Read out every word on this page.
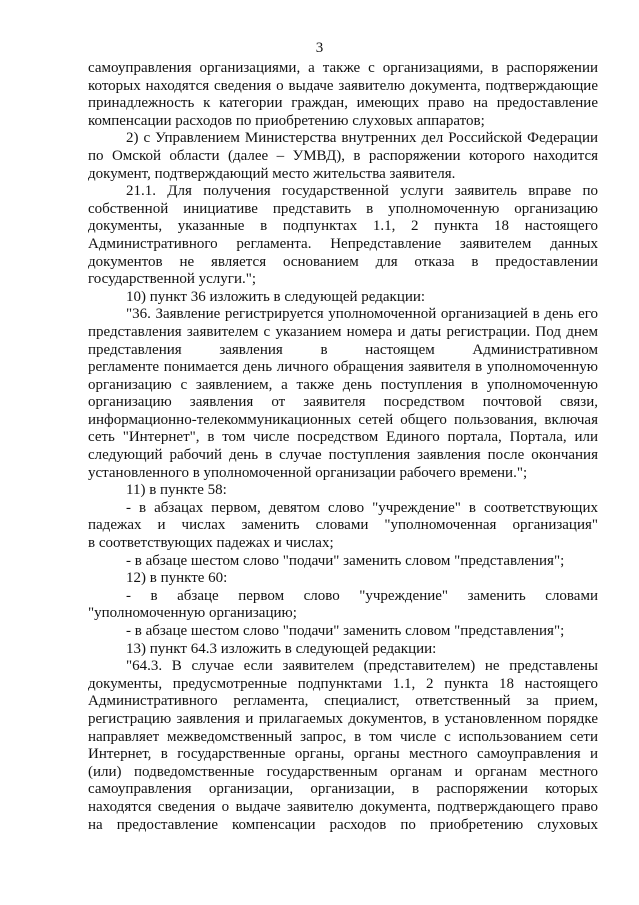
3
самоуправления организациями, а также с организациями, в распоряжении
которых находятся сведения о выдаче заявителю документа, подтверждающие
принадлежность к категории граждан, имеющих право на предоставление
компенсации расходов по приобретению слуховых аппаратов;
2) с Управлением Министерства внутренних дел Российской Федерации
по Омской области (далее – УМВД), в распоряжении которого находится
документ, подтверждающий место жительства заявителя.
21.1. Для получения государственной услуги заявитель вправе по
собственной инициативе представить в уполномоченную организацию
документы, указанные в подпунктах 1.1, 2 пункта 18 настоящего
Административного регламента. Непредставление заявителем данных
документов не является основанием для отказа в предоставлении
государственной услуги.";
10) пункт 36 изложить в следующей редакции:
"36. Заявление регистрируется уполномоченной организацией в день его
представления заявителем с указанием номера и даты регистрации. Под днем
представления заявления в настоящем Административном
регламенте понимается день личного обращения заявителя в уполномоченную
организацию с заявлением, а также день поступления в уполномоченную
организацию заявления от заявителя посредством почтовой связи,
информационно-телекоммуникационных сетей общего пользования, включая
сеть "Интернет", в том числе посредством Единого портала, Портала, или
следующий рабочий день в случае поступления заявления после окончания
установленного в уполномоченной организации рабочего времени.";
11) в пункте 58:
- в абзацах первом, девятом слово "учреждение" в соответствующих
падежах и числах заменить словами "уполномоченная организация"
в соответствующих падежах и числах;
- в абзаце шестом слово "подачи" заменить словом "представления";
12) в пункте 60:
- в абзаце первом слово "учреждение" заменить словами
"уполномоченную организацию;
- в абзаце шестом слово "подачи" заменить словом "представления";
13) пункт 64.3 изложить в следующей редакции:
"64.3. В случае если заявителем (представителем) не представлены
документы, предусмотренные подпунктами 1.1, 2 пункта 18 настоящего
Административного регламента, специалист, ответственный за прием,
регистрацию заявления и прилагаемых документов, в установленном порядке
направляет межведомственный запрос, в том числе с использованием сети
Интернет, в государственные органы, органы местного самоуправления и
(или) подведомственные государственным органам и органам местного
самоуправления организации, организации, в распоряжении которых
находятся сведения о выдаче заявителю документа, подтверждающего право
на предоставление компенсации расходов по приобретению слуховых
